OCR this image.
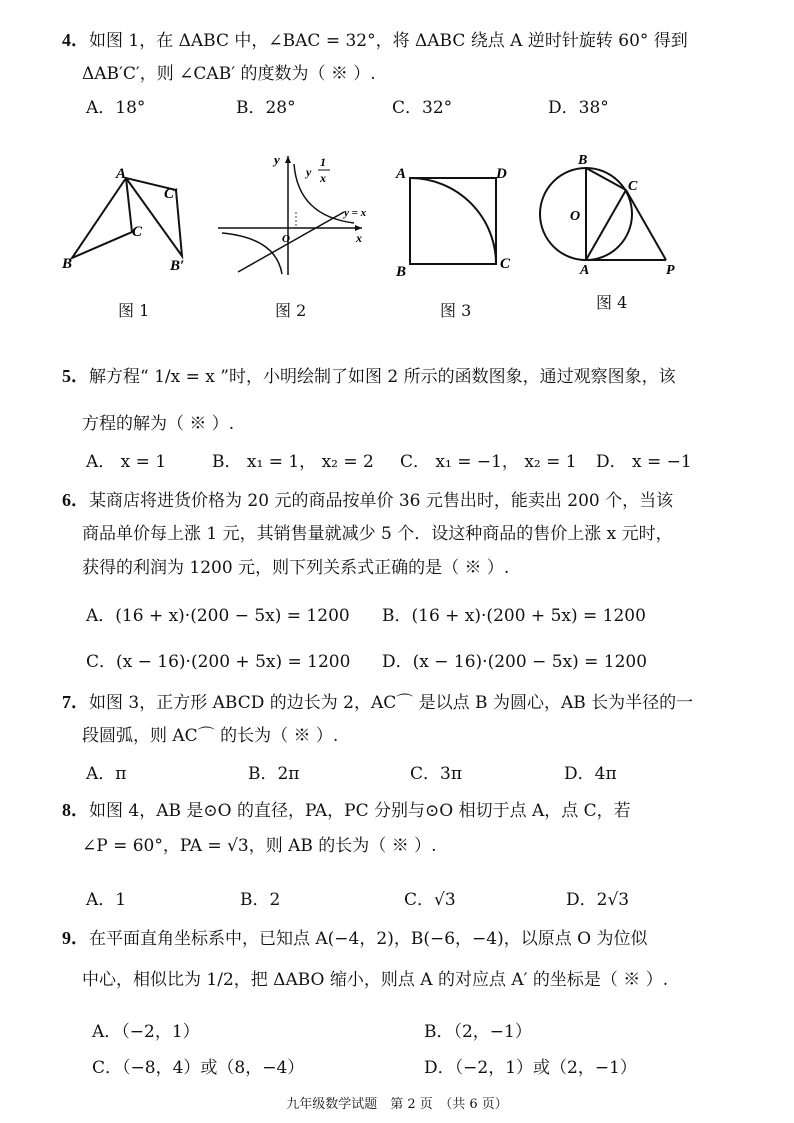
4．如图 1，在 ΔABC 中，∠BAC = 32°，将 ΔABC 绕点 A 逆时针旋转 60° 得到
ΔAB′C′，则 ∠CAB′ 的度数为（ ※ ）.
A．18°	B．28°	C．32°	D．38°
A
C′
C
B	B′
图 1
y	1
x
y
y = x
O	x
图 2
A	D
B	C
图 3
B
C
O
A	P
图 4
5．解方程“ 1/x = x ”时，小明绘制了如图 2 所示的函数图象，通过观察图象，该
方程的解为（ ※ ）.
A． x = 1	B． x₁ = 1， x₂ = 2 C． x₁ = −1， x₂ = 1 D． x = −1
6．某商店将进货价格为 20 元的商品按单价 36 元售出时，能卖出 200 个，当该
商品单价每上涨 1 元，其销售量就减少 5 个．设这种商品的售价上涨 x 元时，
获得的利润为 1200 元，则下列关系式正确的是（ ※ ）.
A．(16 + x)·(200 − 5x) = 1200 B．(16 + x)·(200 + 5x) = 1200
C．(x − 16)·(200 + 5x) = 1200 D．(x − 16)·(200 − 5x) = 1200
7．如图 3，正方形 ABCD 的边长为 2，AC⌒ 是以点 B 为圆心，AB 长为半径的一
段圆弧，则 AC⌒ 的长为（ ※ ）.
A．π	B．2π	C．3π	D．4π
8．如图 4，AB 是⊙O 的直径，PA，PC 分别与⊙O 相切于点 A，点 C，若
∠P = 60°，PA = √3，则 AB 的长为（ ※ ）.
A．1	B．2	C．√3	D．2√3
9．在平面直角坐标系中，已知点 A(−4，2)，B(−6，−4)，以原点 O 为位似
中心，相似比为 1/2，把 ΔABO 缩小，则点 A 的对应点 A′ 的坐标是（ ※ ）.
A．（−2，1）	B．（2，−1）
C．（−8，4）或（8，−4）	D．（−2，1）或（2，−1）
九年级数学试题　第 2 页　（共 6 页）
